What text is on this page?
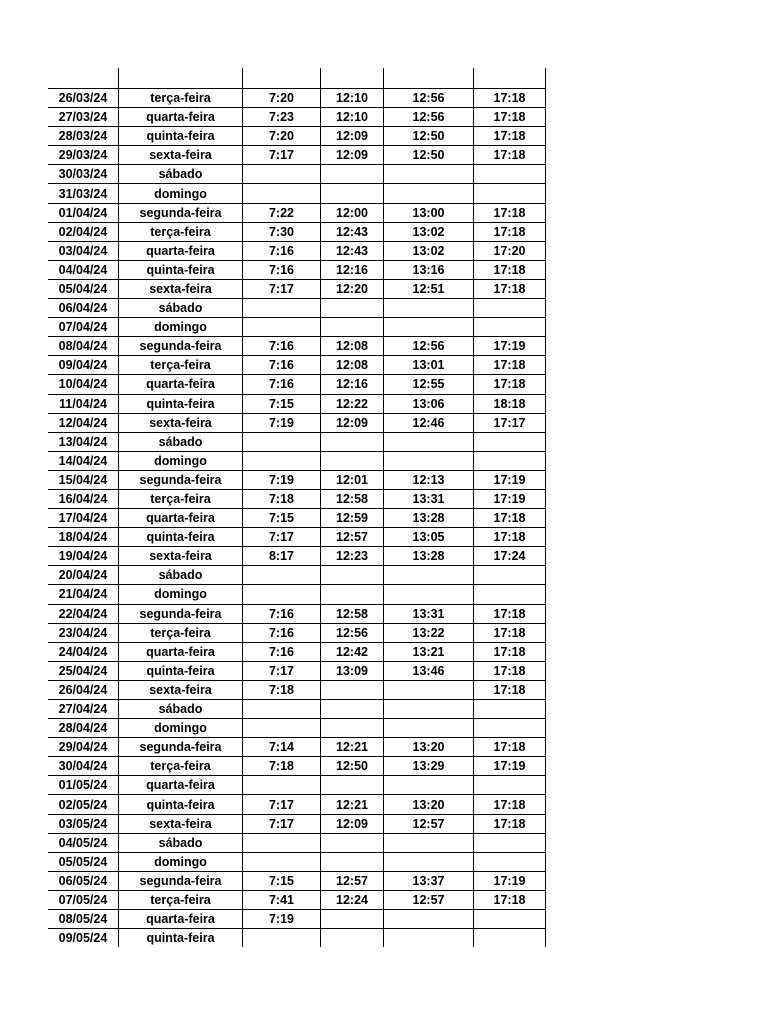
26/03/24	terça-feira	7:20	12:10	12:56	17:18
27/03/24	quarta-feira	7:23	12:10	12:56	17:18
28/03/24	quinta-feira	7:20	12:09	12:50	17:18
29/03/24	sexta-feira	7:17	12:09	12:50	17:18
30/03/24	sábado				
31/03/24	domingo				
01/04/24	segunda-feira	7:22	12:00	13:00	17:18
02/04/24	terça-feira	7:30	12:43	13:02	17:18
03/04/24	quarta-feira	7:16	12:43	13:02	17:20
04/04/24	quinta-feira	7:16	12:16	13:16	17:18
05/04/24	sexta-feira	7:17	12:20	12:51	17:18
06/04/24	sábado				
07/04/24	domingo				
08/04/24	segunda-feira	7:16	12:08	12:56	17:19
09/04/24	terça-feira	7:16	12:08	13:01	17:18
10/04/24	quarta-feira	7:16	12:16	12:55	17:18
11/04/24	quinta-feira	7:15	12:22	13:06	18:18
12/04/24	sexta-feira	7:19	12:09	12:46	17:17
13/04/24	sábado				
14/04/24	domingo				
15/04/24	segunda-feira	7:19	12:01	12:13	17:19
16/04/24	terça-feira	7:18	12:58	13:31	17:19
17/04/24	quarta-feira	7:15	12:59	13:28	17:18
18/04/24	quinta-feira	7:17	12:57	13:05	17:18
19/04/24	sexta-feira	8:17	12:23	13:28	17:24
20/04/24	sábado				
21/04/24	domingo				
22/04/24	segunda-feira	7:16	12:58	13:31	17:18
23/04/24	terça-feira	7:16	12:56	13:22	17:18
24/04/24	quarta-feira	7:16	12:42	13:21	17:18
25/04/24	quinta-feira	7:17	13:09	13:46	17:18
26/04/24	sexta-feira	7:18			17:18
27/04/24	sábado				
28/04/24	domingo				
29/04/24	segunda-feira	7:14	12:21	13:20	17:18
30/04/24	terça-feira	7:18	12:50	13:29	17:19
01/05/24	quarta-feira				
02/05/24	quinta-feira	7:17	12:21	13:20	17:18
03/05/24	sexta-feira	7:17	12:09	12:57	17:18
04/05/24	sábado				
05/05/24	domingo				
06/05/24	segunda-feira	7:15	12:57	13:37	17:19
07/05/24	terça-feira	7:41	12:24	12:57	17:18
08/05/24	quarta-feira	7:19			
09/05/24	quinta-feira				
